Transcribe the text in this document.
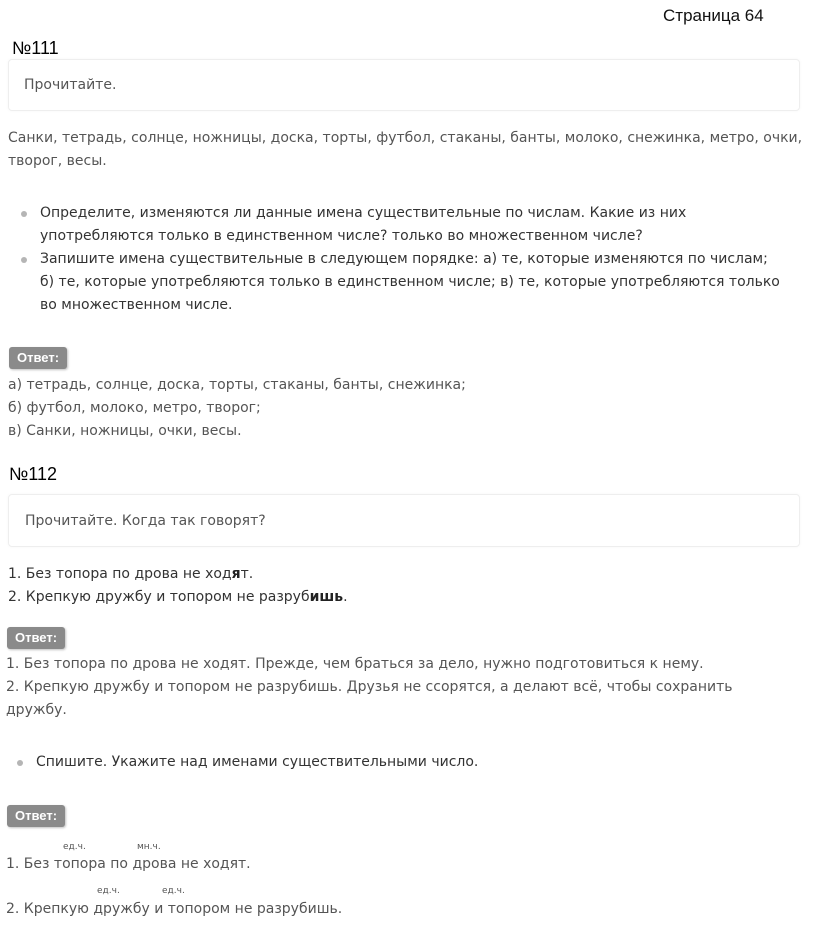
Страница 64
№111
Прочитайте.
Санки, тетрадь, солнце, ножницы, доска, торты, футбол, стаканы, банты, молоко, снежинка, метро, очки,
творог, весы.
Определите, изменяются ли данные имена существительные по числам. Какие из них
употребляются только в единственном числе? только во множественном числе?
Запишите имена существительные в следующем порядке: а) те, которые изменяются по числам;
б) те, которые употребляются только в единственном числе; в) те, которые употребляются только
во множественном числе.
Ответ:
а) тетрадь, солнце, доска, торты, стаканы, банты, снежинка;
б) футбол, молоко, метро, творог;
в) Санки, ножницы, очки, весы.
№112
Прочитайте. Когда так говорят?
1. Без топора по дрова не ходят.
2. Крепкую дружбу и топором не разрубишь.
Ответ:
1. Без топора по дрова не ходят. Прежде, чем браться за дело, нужно подготовиться к нему.
2. Крепкую дружбу и топором не разрубишь. Друзья не ссорятся, а делают всё, чтобы сохранить
дружбу.
Спишите. Укажите над именами существительными число.
Ответ:
ед.ч.	мн.ч.
1. Без топора по дрова не ходят.
ед.ч.	ед.ч.
2. Крепкую дружбу и топором не разрубишь.
